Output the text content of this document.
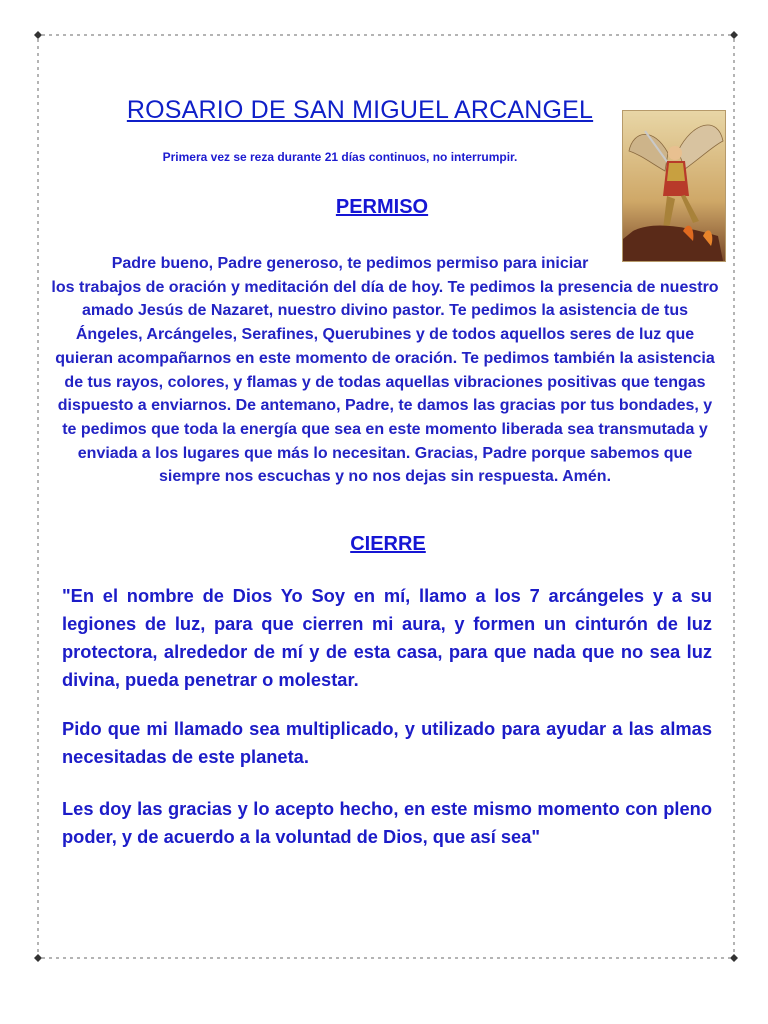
ROSARIO DE SAN MIGUEL ARCANGEL
Primera vez se reza durante 21 días continuos, no interrumpir.
PERMISO
Padre bueno, Padre generoso, te pedimos permiso para iniciar
los trabajos de oración y meditación del día de hoy. Te pedimos la presencia de nuestro amado Jesús de Nazaret, nuestro divino pastor. Te pedimos la asistencia de tus Ángeles, Arcángeles, Serafines, Querubines y de todos aquellos seres de luz que quieran acompañarnos en este momento de oración. Te pedimos también la asistencia de tus rayos, colores, y flamas y de todas aquellas vibraciones positivas que tengas dispuesto a enviarnos. De antemano, Padre, te damos las gracias por tus bondades, y te pedimos que toda la energía que sea en este momento liberada sea transmutada y enviada a los lugares que más lo necesitan. Gracias, Padre porque sabemos que siempre nos escuchas y no nos dejas sin respuesta. Amén.
CIERRE
"En el nombre de Dios Yo Soy en mí, llamo a los 7 arcángeles y a su legiones de luz, para que cierren mi aura, y formen un cinturón de luz protectora, alrededor de mí y de esta casa, para que nada que no sea luz divina, pueda penetrar o molestar.
Pido que mi llamado sea multiplicado, y utilizado para ayudar a las almas necesitadas de este planeta.
Les doy las gracias y lo acepto hecho, en este mismo momento con pleno poder, y de acuerdo a la voluntad de Dios, que así sea"
